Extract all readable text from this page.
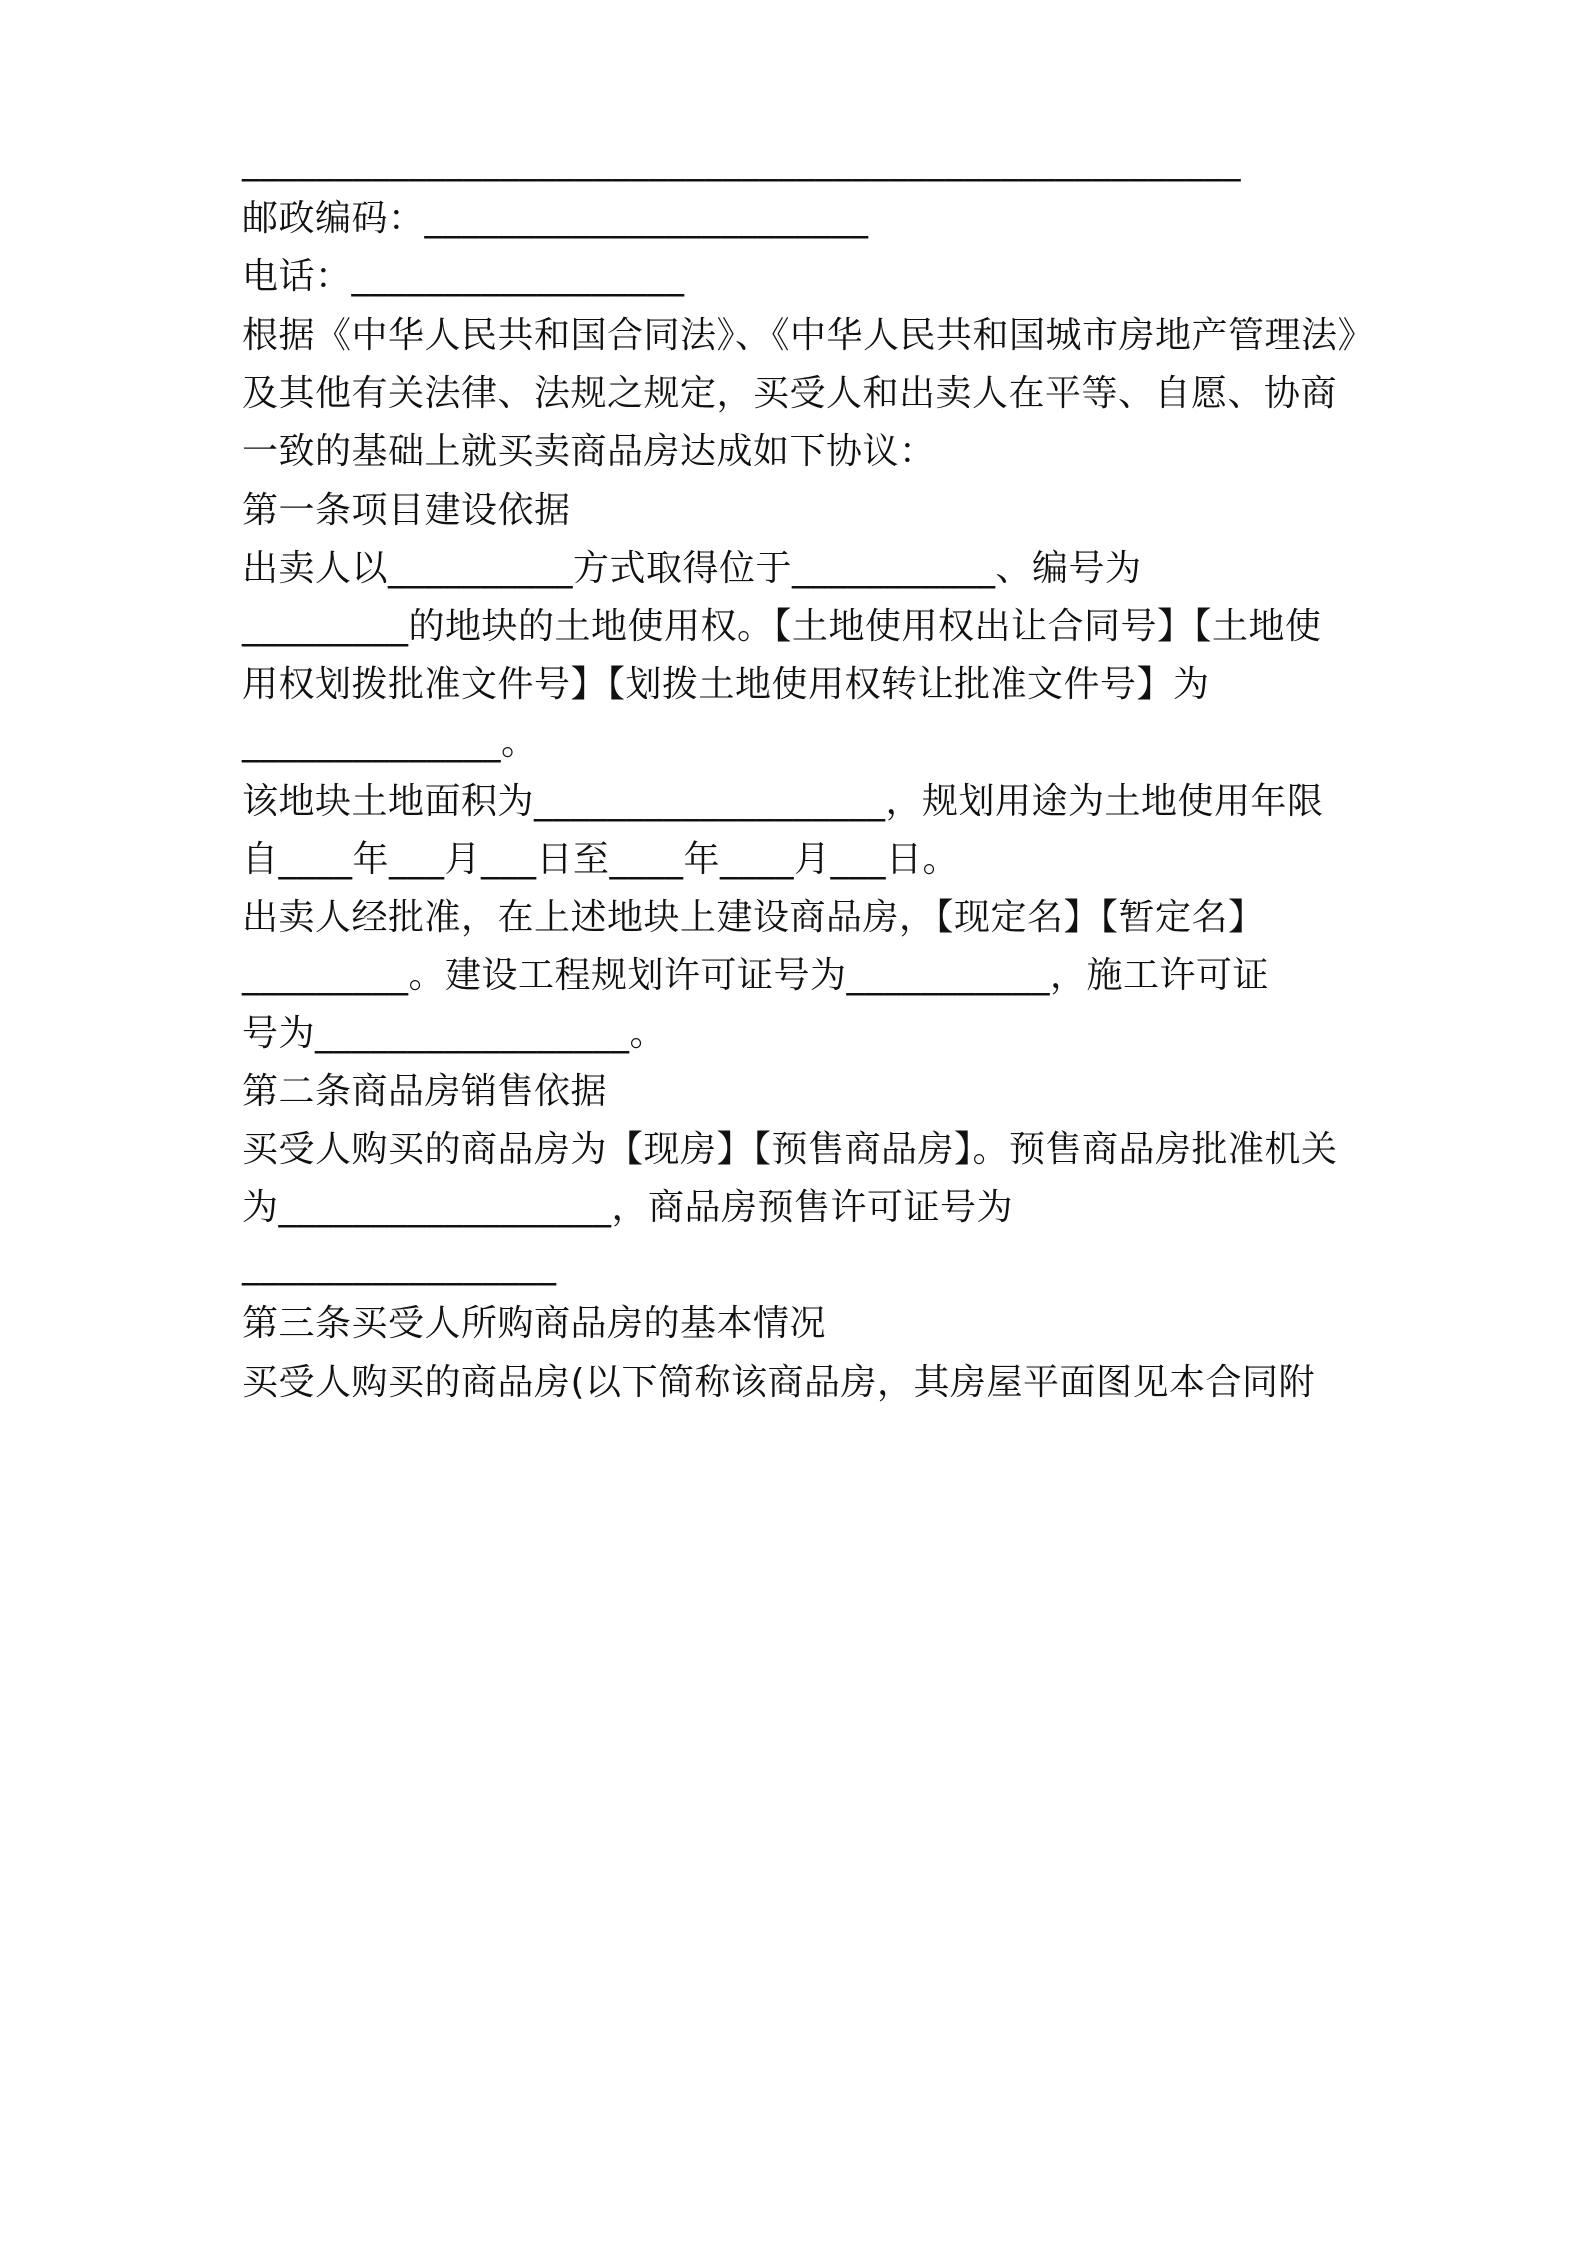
______________________________________________________
邮政编码：________________________
电话：__________________
根据《中华人民共和国合同法》、《中华人民共和国城市房地产管理法》
及其他有关法律、法规之规定，买受人和出卖人在平等、自愿、协商
一致的基础上就买卖商品房达成如下协议：
第一条项目建设依据
出卖人以__________方式取得位于___________、编号为
_________的地块的土地使用权。【土地使用权出让合同号】【土地使
用权划拨批准文件号】【划拨土地使用权转让批准文件号】为
______________。
该地块土地面积为___________________，规划用途为土地使用年限
自____年___月___日至____年____月___日。
出卖人经批准，在上述地块上建设商品房，【现定名】【暂定名】
_________。建设工程规划许可证号为___________，施工许可证
号为_________________。
第二条商品房销售依据
买受人购买的商品房为【现房】【预售商品房】。预售商品房批准机关
为__________________，商品房预售许可证号为
_________________
第三条买受人所购商品房的基本情况
买受人购买的商品房(以下简称该商品房，其房屋平面图见本合同附
